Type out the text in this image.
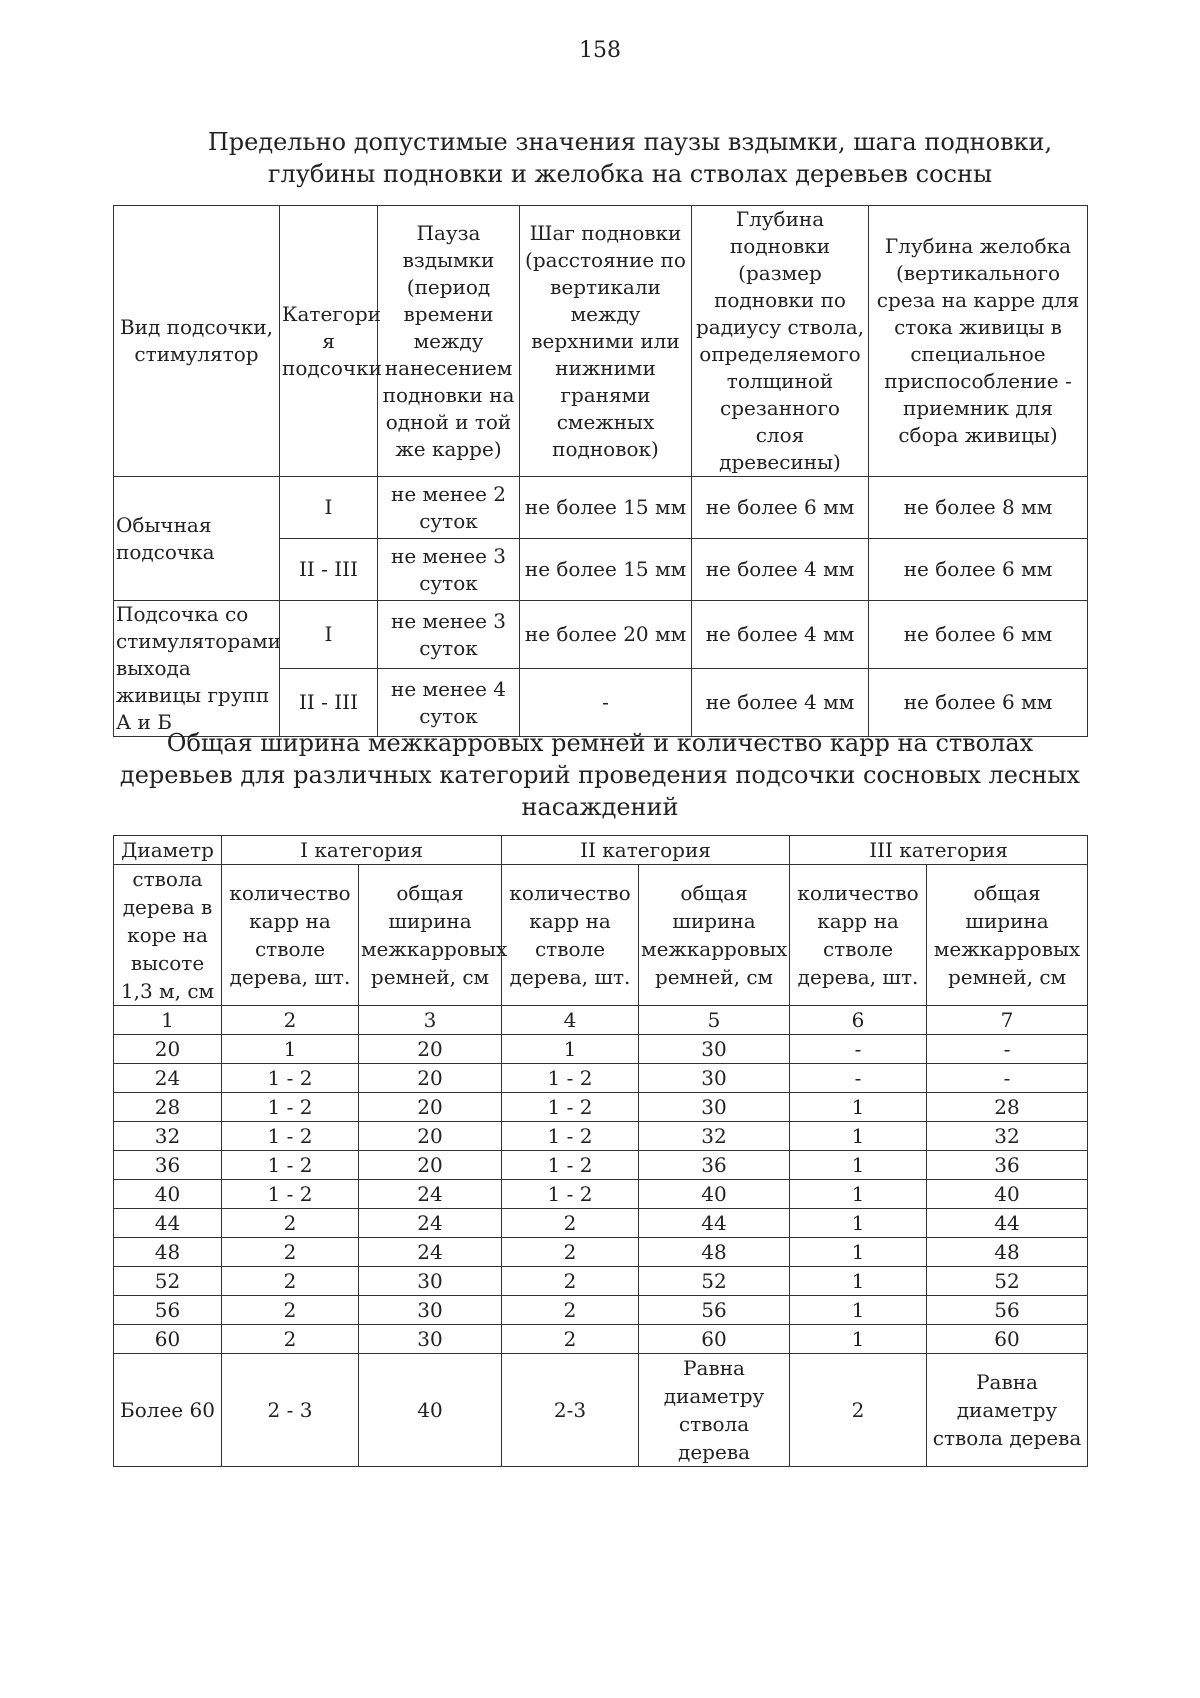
158
Предельно допустимые значения паузы вздымки, шага подновки,
глубины подновки и желобка на стволах деревьев сосны
Вид подсочки, стимулятор	Категори я подсочки	Пауза вздымки (период времени между нанесением подновки на одной и той же карре)	Шаг подновки (расстояние по вертикали между верхними или нижними гранями смежных подновок)	Глубина подновки (размер подновки по радиусу ствола, определяемого толщиной срезанного слоя древесины)	Глубина желобка (вертикального среза на карре для стока живицы в специальное приспособление - приемник для сбора живицы)
Обычная подсочка	I	не менее 2 суток	не более 15 мм	не более 6 мм	не более 8 мм
	II - III	не менее 3 суток	не более 15 мм	не более 4 мм	не более 6 мм
Подсочка со стимуляторами выхода живицы групп А и Б	I	не менее 3 суток	не более 20 мм	не более 4 мм	не более 6 мм
	II - III	не менее 4 суток	-	не более 4 мм	не более 6 мм
Общая ширина межкарровых ремней и количество карр на стволах
деревьев для различных категорий проведения подсочки сосновых лесных
насаждений
Диаметр	I категория		II категория		III категория	
ствола дерева в коре на высоте 1,3 м, см	количество карр на стволе дерева, шт.	общая ширина межкарровых ремней, см	количество карр на стволе дерева, шт.	общая ширина межкарровых ремней, см	количество карр на стволе дерева, шт.	общая ширина межкарровых ремней, см
1	2	3	4	5	6	7
20	1	20	1	30	-	-
24	1 - 2	20	1 - 2	30	-	-
28	1 - 2	20	1 - 2	30	1	28
32	1 - 2	20	1 - 2	32	1	32
36	1 - 2	20	1 - 2	36	1	36
40	1 - 2	24	1 - 2	40	1	40
44	2	24	2	44	1	44
48	2	24	2	48	1	48
52	2	30	2	52	1	52
56	2	30	2	56	1	56
60	2	30	2	60	1	60
Более 60	2 - 3	40	2-3	Равна диаметру ствола дерева	2	Равна диаметру ствола дерева
